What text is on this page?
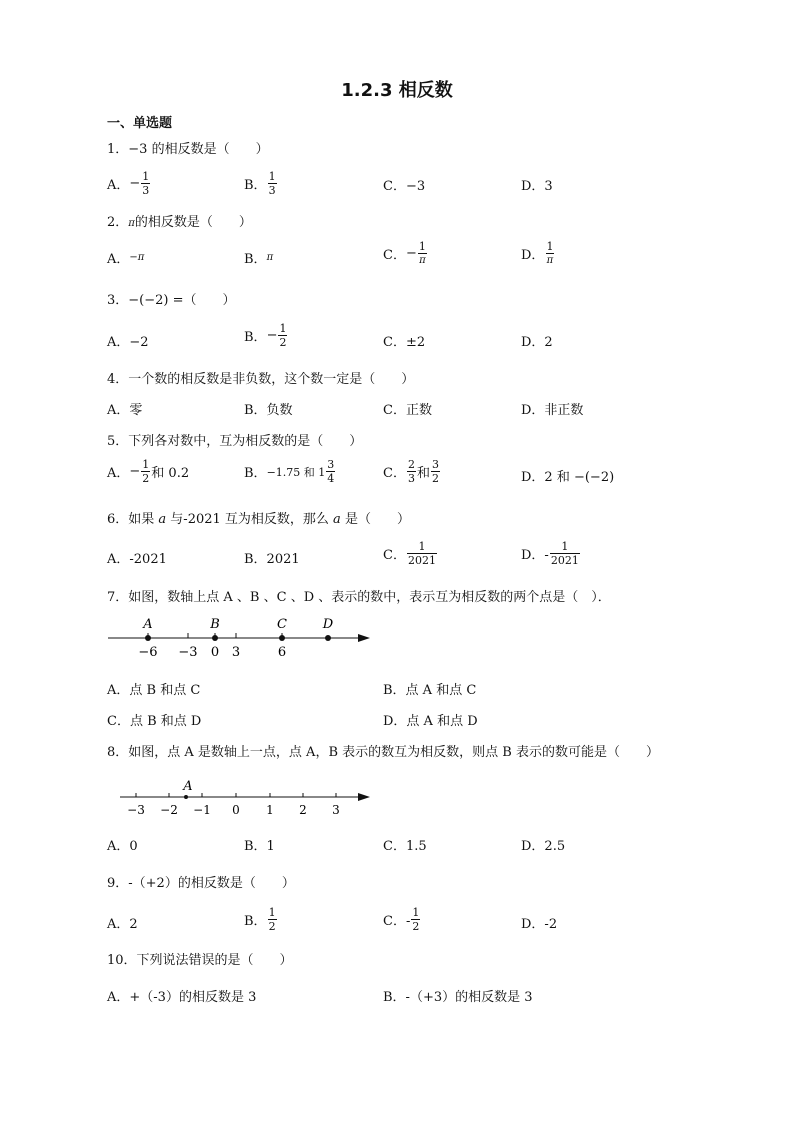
1.2.3 相反数
一、单选题
1．−3 的相反数是（　　）
A． − $\frac{1}{3}$	B． $\frac{1}{3}$	C．−3	D．3
2．π的相反数是（　　）
A． −π	B． π	C． − $\frac{1}{\pi}$	D． $\frac{1}{\pi}$
3．−(−2) =（　　）
A．−2	B． − $\frac{1}{2}$	C．±2	D．2
4．一个数的相反数是非负数，这个数一定是（　　）
A．零	B．负数	C．正数	D．非正数
5．下列各对数中，互为相反数的是（　　）
A． − $\frac{1}{2}$ 和 0.2	B． −1.75 和 $1 \frac{3}{4}$	C． $\frac{2}{3}$ 和 $\frac{3}{2}$	D．2 和 −(−2)
6．如果 a 与-2021 互为相反数，那么 a 是（　　）
A．-2021	B．2021	C． $\frac{1}{2021}$	D．- $\frac{1}{2021}$
7．如图，数轴上点 A 、B 、C 、D 、表示的数中，表示互为相反数的两个点是（　）．
−6 −3 0 3	6
A	B	C	D
A．点 B 和点 C	B．点 A 和点 C
C．点 B 和点 D	D．点 A 和点 D
8．如图，点 A 是数轴上一点，点 A，B 表示的数互为相反数，则点 B 表示的数可能是（　　）
−3 −2 −1 0 1 2 3
A
A．0	B．1	C．1.5	D．2.5
9．-（+2）的相反数是（　　）
A．2	B． $\frac{1}{2}$	C．- $\frac{1}{2}$	D．-2
10．下列说法错误的是（　　）
A．+（-3）的相反数是 3	B．-（+3）的相反数是 3
